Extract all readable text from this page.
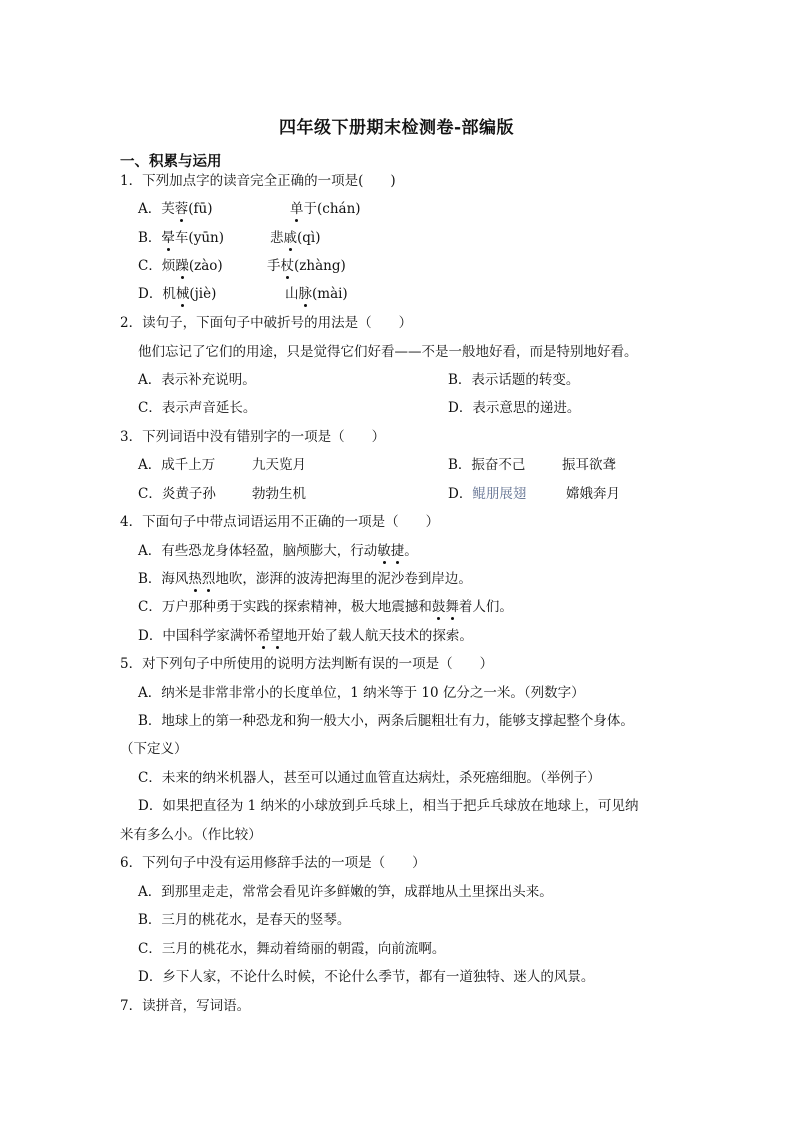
四年级下册期末检测卷-部编版
一、积累与运用
1．下列加点字的读音完全正确的一项是(　　)
A．芙蓉(fū)	单于(chán)
B．晕车(yūn)	悲戚(qì)
C．烦躁(zào)	手杖(zhàng)
D．机械(jiè)	山脉(mài)
2．读句子，下面句子中破折号的用法是（　　）
他们忘记了它们的用途，只是觉得它们好看——不是一般地好看，而是特别地好看。
A．表示补充说明。	B．表示话题的转变。
C．表示声音延长。	D．表示意思的递进。
3．下列词语中没有错别字的一项是（　　）
A．成千上万	九天览月	B．振奋不己	振耳欲聋
C．炎黄子孙	勃勃生机	D．鲲朋展翅	嫦娥奔月
4．下面句子中带点词语运用不正确的一项是（　　）
A．有些恐龙身体轻盈，脑颅膨大，行动敏捷。
B．海风热烈地吹，澎湃的波涛把海里的泥沙卷到岸边。
C．万户那种勇于实践的探索精神，极大地震撼和鼓舞着人们。
D．中国科学家满怀希望地开始了载人航天技术的探索。
5．对下列句子中所使用的说明方法判断有误的一项是（　　）
A．纳米是非常非常小的长度单位，1 纳米等于 10 亿分之一米。（列数字）
B．地球上的第一种恐龙和狗一般大小，两条后腿粗壮有力，能够支撑起整个身体。
（下定义）
C．未来的纳米机器人，甚至可以通过血管直达病灶，杀死癌细胞。（举例子）
D．如果把直径为 1 纳米的小球放到乒乓球上，相当于把乒乓球放在地球上，可见纳
米有多么小。（作比较）
6．下列句子中没有运用修辞手法的一项是（　　）
A．到那里走走，常常会看见许多鲜嫩的笋，成群地从土里探出头来。
B．三月的桃花水，是春天的竖琴。
C．三月的桃花水，舞动着绮丽的朝霞，向前流啊。
D．乡下人家，不论什么时候，不论什么季节，都有一道独特、迷人的风景。
7．读拼音，写词语。
